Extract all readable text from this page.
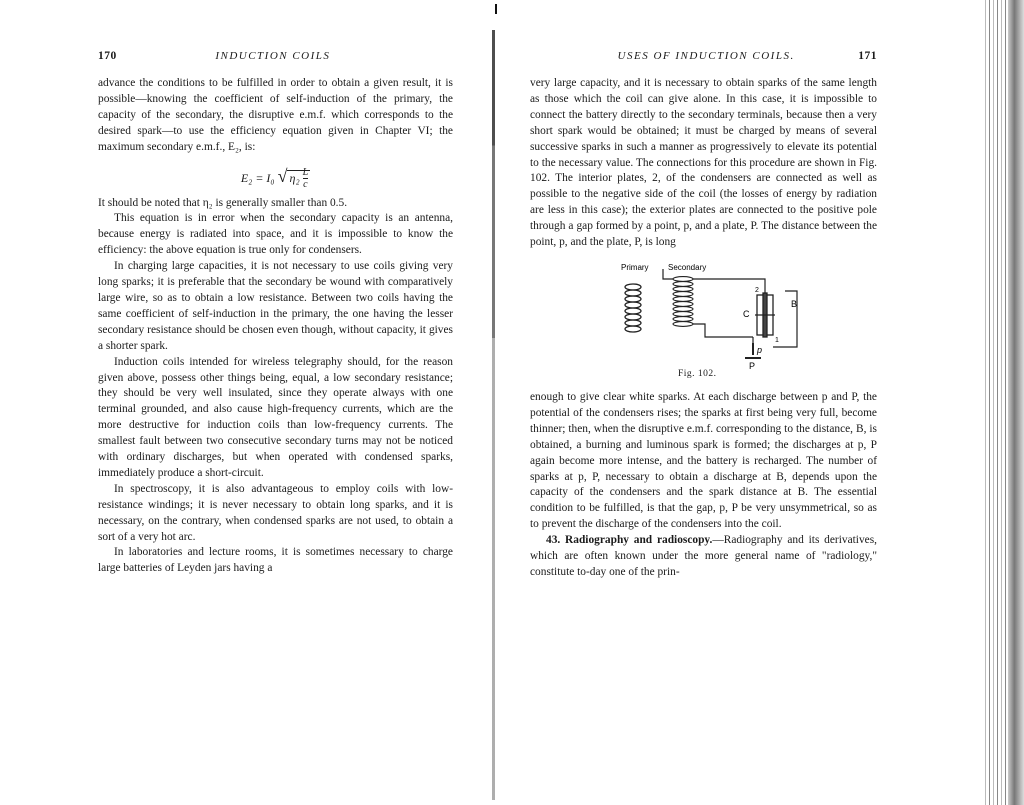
170	INDUCTION COILS

advance the conditions to be fulfilled in order to obtain a given result, it is possible—knowing the coefficient of self-induction of the primary, the capacity of the secondary, the disruptive e.m.f. which corresponds to the desired spark—to use the efficiency equation given in Chapter VI; the maximum secondary e.m.f., E₂, is:

E₂ = I₀ √ $\eta_2 \frac{L}{c}$

It should be noted that η₂ is generally smaller than 0.5.

This equation is in error when the secondary capacity is an antenna, because energy is radiated into space, and it is impossible to know the efficiency: the above equation is true only for condensers.

In charging large capacities, it is not necessary to use coils giving very long sparks; it is preferable that the secondary be wound with comparatively large wire, so as to obtain a low resistance. Between two coils having the same coefficient of self-induction in the primary, the one having the lesser secondary resistance should be chosen even though, without capacity, it gives a shorter spark.

Induction coils intended for wireless telegraphy should, for the reason given above, possess other things being, equal, a low secondary resistance; they should be very well insulated, since they operate always with one terminal grounded, and also cause high-frequency currents, which are the more destructive for induction coils than low-frequency currents. The smallest fault between two consecutive secondary turns may not be noticed with ordinary discharges, but when operated with condensed sparks, immediately produce a short-circuit.

In spectroscopy, it is also advantageous to employ coils with low-resistance windings; it is never necessary to obtain long sparks, and it is necessary, on the contrary, when condensed sparks are not used, to obtain a sort of a very hot arc.

In laboratories and lecture rooms, it is sometimes necessary to charge large batteries of Leyden jars having a

USES OF INDUCTION COILS.	171

very large capacity, and it is necessary to obtain sparks of the same length as those which the coil can give alone. In this case, it is impossible to connect the battery directly to the secondary terminals, because then a very short spark would be obtained; it must be charged by means of several successive sparks in such a manner as progressively to elevate its potential to the necessary value. The connections for this procedure are shown in Fig. 102. The interior plates, 2, of the condensers are connected as well as possible to the negative side of the coil (the losses of energy by radiation are less in this case); the exterior plates are connected to the positive pole through a gap formed by a point, p, and a plate, P. The distance between the point, p, and the plate, P, is long

Primary Secondary
2
C
B
1
p
P
Fig. 102.

enough to give clear white sparks. At each discharge between p and P, the potential of the condensers rises; the sparks at first being very full, become thinner; then, when the disruptive e.m.f. corresponding to the distance, B, is obtained, a burning and luminous spark is formed; the discharges at p, P again become more intense, and the battery is recharged. The number of sparks at p, P, necessary to obtain a discharge at B, depends upon the capacity of the condensers and the spark distance at B. The essential condition to be fulfilled, is that the gap, p, P be very unsymmetrical, so as to prevent the discharge of the condensers into the coil.

43. Radiography and radioscopy.—Radiography and its derivatives, which are often known under the more general name of "radiology," constitute to-day one of the prin-
